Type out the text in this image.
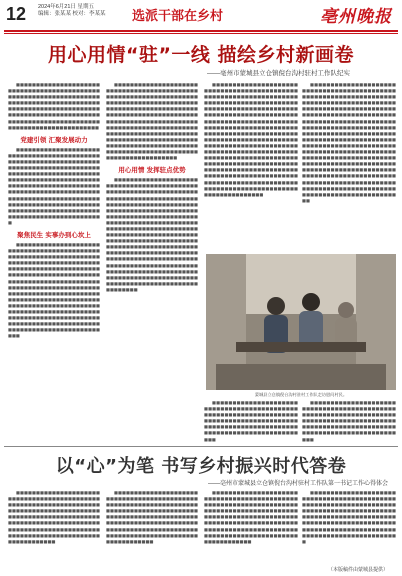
12 2024年6月21日 星期五
编辑：张某某 校对：李某某 选派干部在乡村	亳州晚报
用心用情“驻”一线 描绘乡村新画卷
——亳州市蒙城县立仓镇倪台沟村驻村工作队纪实
■■■■■■■■■■■■■■■■■■■■■■■■■■■■■■■■■■■■■■■■■■■■■■■■■■■■■■■■■■■■■■■■■■■■■■■■■■■■■■■■■■■■■■■■■■■■■■■■■■■■■■■■■■■■■■■■■■■■■■■■■■■■■■■■■■■■■■■■■■■■■■■■■■■■■■■■■■■■■■■■■■■■■■■■■■■■■■■■■■■■■■
党建引领 汇聚发展动力
■■■■■■■■■■■■■■■■■■■■■■■■■■■■■■■■■■■■■■■■■■■■■■■■■■■■■■■■■■■■■■■■■■■■■■■■■■■■■■■■■■■■■■■■■■■■■■■■■■■■■■■■■■■■■■■■■■■■■■■■■■■■■■■■■■■■■■■■■■■■■■■■■■■■■■■■■■■■■■■■■■■■■■■■■■■■■■■■■■■■■■■■■■■■■■■■■■■■■■■■■■■■■■■■■■■■■■■■■■■■■■■■■■■■■■■■■■■■■■■■■■■■■■■■■■■■■■■■■■■■■■■■■■■■■■■■■■■
聚焦民生 实事办到心坎上
■■■■■■■■■■■■■■■■■■■■■■■■■■■■■■■■■■■■■■■■■■■■■■■■■■■■■■■■■■■■■■■■■■■■■■■■■■■■■■■■■■■■■■■■■■■■■■■■■■■■■■■■■■■■■■■■■■■■■■■■■■■■■■■■■■■■■■■■■■■■■■■■■■■■■■■■■■■■■■■■■■■■■■■■■■■■■■■■■■■■■■■■■■■■■■■■■■■■■■■■■■■■■■■■■■■■■■■■■■■■■■■■■■■■■■■■■■■■■■■■■■■■■■■■■■■■■■■■■■■■■■■■■■■■■■■■■■■■■■■■■■■■■■■■■■■■■■■■■■■■■■■■■■■■■■■■■■■■■■■■■■■■■■■■■■■■■■■■■■■■■■■■■■
■■■■■■■■■■■■■■■■■■■■■■■■■■■■■■■■■■■■■■■■■■■■■■■■■■■■■■■■■■■■■■■■■■■■■■■■■■■■■■■■■■■■■■■■■■■■■■■■■■■■■■■■■■■■■■■■■■■■■■■■■■■■■■■■■■■■■■■■■■■■■■■■■■■■■■■■■■■■■■■■■■■■■■■■■■■■■■■■■■■■■■■■■■■■■■■■■■■■■■■■■■■■■■■■■■■■■■■■■■■■■■■■■■■■■■■■■■■■■■■■■■■■■■■■■■■■■■■■■■■■■■■■■■■■■■■■■■■■■■■■■■■■■■■■■■■■
用心用情 发挥驻点优势
■■■■■■■■■■■■■■■■■■■■■■■■■■■■■■■■■■■■■■■■■■■■■■■■■■■■■■■■■■■■■■■■■■■■■■■■■■■■■■■■■■■■■■■■■■■■■■■■■■■■■■■■■■■■■■■■■■■■■■■■■■■■■■■■■■■■■■■■■■■■■■■■■■■■■■■■■■■■■■■■■■■■■■■■■■■■■■■■■■■■■■■■■■■■■■■■■■■■■■■■■■■■■■■■■■■■■■■■■■■■■■■■■■■■■■■■■■■■■■■■■■■■■■■■■■■■■■■■■■■■■■■■■■■■■■■■■■■■■■■■■■■■■■■■■■■■■■■■■■■■■■■■■■■■■■■■■■■■■■■■■■■■■■■■■■■■■■■■■■■■■■■■■■■■■■■■■■■■■■■■■■■■■■■■■■■■■■■■■■■■■■■■■■■■■■■■■■■■■■■■■■■■■■■■■■■■■■■■■■■■
■■■■■■■■■■■■■■■■■■■■■■■■■■■■■■■■■■■■■■■■■■■■■■■■■■■■■■■■■■■■■■■■■■■■■■■■■■■■■■■■■■■■■■■■■■■■■■■■■■■■■■■■■■■■■■■■■■■■■■■■■■■■■■■■■■■■■■■■■■■■■■■■■■■■■■■■■■■■■■■■■■■■■■■■■■■■■■■■■■■■■■■■■■■■■■■■■■■■■■■■■■■■■■■■■■■■■■■■■■■■■■■■■■■■■■■■■■■■■■■■■■■■■■■■■■■■■■■■■■■■■■■■■■■■■■■■■■■■■■■■■■■■■■■■■■■■■■■■■■■■■■■■■■■■■■■■■■■■■■■■■■■■■■■■■■■■■■■■■■■■■■■■■■■■■■■■■■■■■■■■■■■■■■■■■■■■■■■■■■■■■■■■■■■■■■■■■■■■■■■■■■■■■■■■■■■■■■■■■■■■■■■■■■■
■■■■■■■■■■■■■■■■■■■■■■■■■■■■■■■■■■■■■■■■■■■■■■■■■■■■■■■■■■■■■■■■■■■■■■■■■■■■■■■■■■■■■■■■■■■■■■■■■■■■■■■■■■■■■■■■■■■■■■■■■■■■■■■■■■■■■■■■■■■■■■■■■■■■■■■■■■■■■■■■■■■■■■■■■■■■■■■■■■■■■■■■■■■■■■■■■■■■■■■■■■■■■■■■■■■■■■■■■■■■■■■■■■■■■■■■■■■■■■■■■■■■■■■■■■■■■■■■■■■■■■■■■■■■■■■■■■■■■■■■■■■■■■■■■■■■■■■■■■■■■■■■■■■■■■■■■■■■■■■■■■■■■■■■■■■■■■■■■■■■■■■■■■■■■■■■■■■■■■■■■■■■■■■■■■■■■■■■■■■■■■■■■■■■■■■■■■■■■■■■■■■■■■■■■■■■■■■■■■■■■■■■■■■■■■■■■■■■■
蒙城县立仓镇倪台沟村驻村工作队走访慰问村民。
■■■■■■■■■■■■■■■■■■■■■■■■■■■■■■■■■■■■■■■■■■■■■■■■■■■■■■■■■■■■■■■■■■■■■■■■■■■■■■■■■■■■■■■■■■■■■■■■■■■■■■■■■■■■■■■■■■■■■■■■■■■■■■■■■■■■■■■■■■■
■■■■■■■■■■■■■■■■■■■■■■■■■■■■■■■■■■■■■■■■■■■■■■■■■■■■■■■■■■■■■■■■■■■■■■■■■■■■■■■■■■■■■■■■■■■■■■■■■■■■■■■■■■■■■■■■■■■■■■■■■■■■■■■■■■■■■■■■■■■
以“心”为笔 书写乡村振兴时代答卷
——亳州市蒙城县立仓镇倪台沟村驻村工作队第一书记工作心得体会
■■■■■■■■■■■■■■■■■■■■■■■■■■■■■■■■■■■■■■■■■■■■■■■■■■■■■■■■■■■■■■■■■■■■■■■■■■■■■■■■■■■■■■■■■■■■■■■■■■■■■■■■■■■■■■■■■■■■■■■■■■■■■■■■■■■■■■■■■■■■■■■■■■■■■■■■■■■■■■■■■■■■■■■■■■■■■■■■■■■■■■■■■■■■■■■■■■
■■■■■■■■■■■■■■■■■■■■■■■■■■■■■■■■■■■■■■■■■■■■■■■■■■■■■■■■■■■■■■■■■■■■■■■■■■■■■■■■■■■■■■■■■■■■■■■■■■■■■■■■■■■■■■■■■■■■■■■■■■■■■■■■■■■■■■■■■■■■■■■■■■■■■■■■■■■■■■■■■■■■■■■■■■■■■■■■■■■■■■■■■■■■■■■■■■
■■■■■■■■■■■■■■■■■■■■■■■■■■■■■■■■■■■■■■■■■■■■■■■■■■■■■■■■■■■■■■■■■■■■■■■■■■■■■■■■■■■■■■■■■■■■■■■■■■■■■■■■■■■■■■■■■■■■■■■■■■■■■■■■■■■■■■■■■■■■■■■■■■■■■■■■■■■■■■■■■■■■■■■■■■■■■■■■■■■■■■■■■■■■■■■■■■
■■■■■■■■■■■■■■■■■■■■■■■■■■■■■■■■■■■■■■■■■■■■■■■■■■■■■■■■■■■■■■■■■■■■■■■■■■■■■■■■■■■■■■■■■■■■■■■■■■■■■■■■■■■■■■■■■■■■■■■■■■■■■■■■■■■■■■■■■■■■■■■■■■■■■■■■■■■■■■■■■■■■■■■■■■■■■■■■■■■■■■■
（本版稿件由蒙城县提供）
